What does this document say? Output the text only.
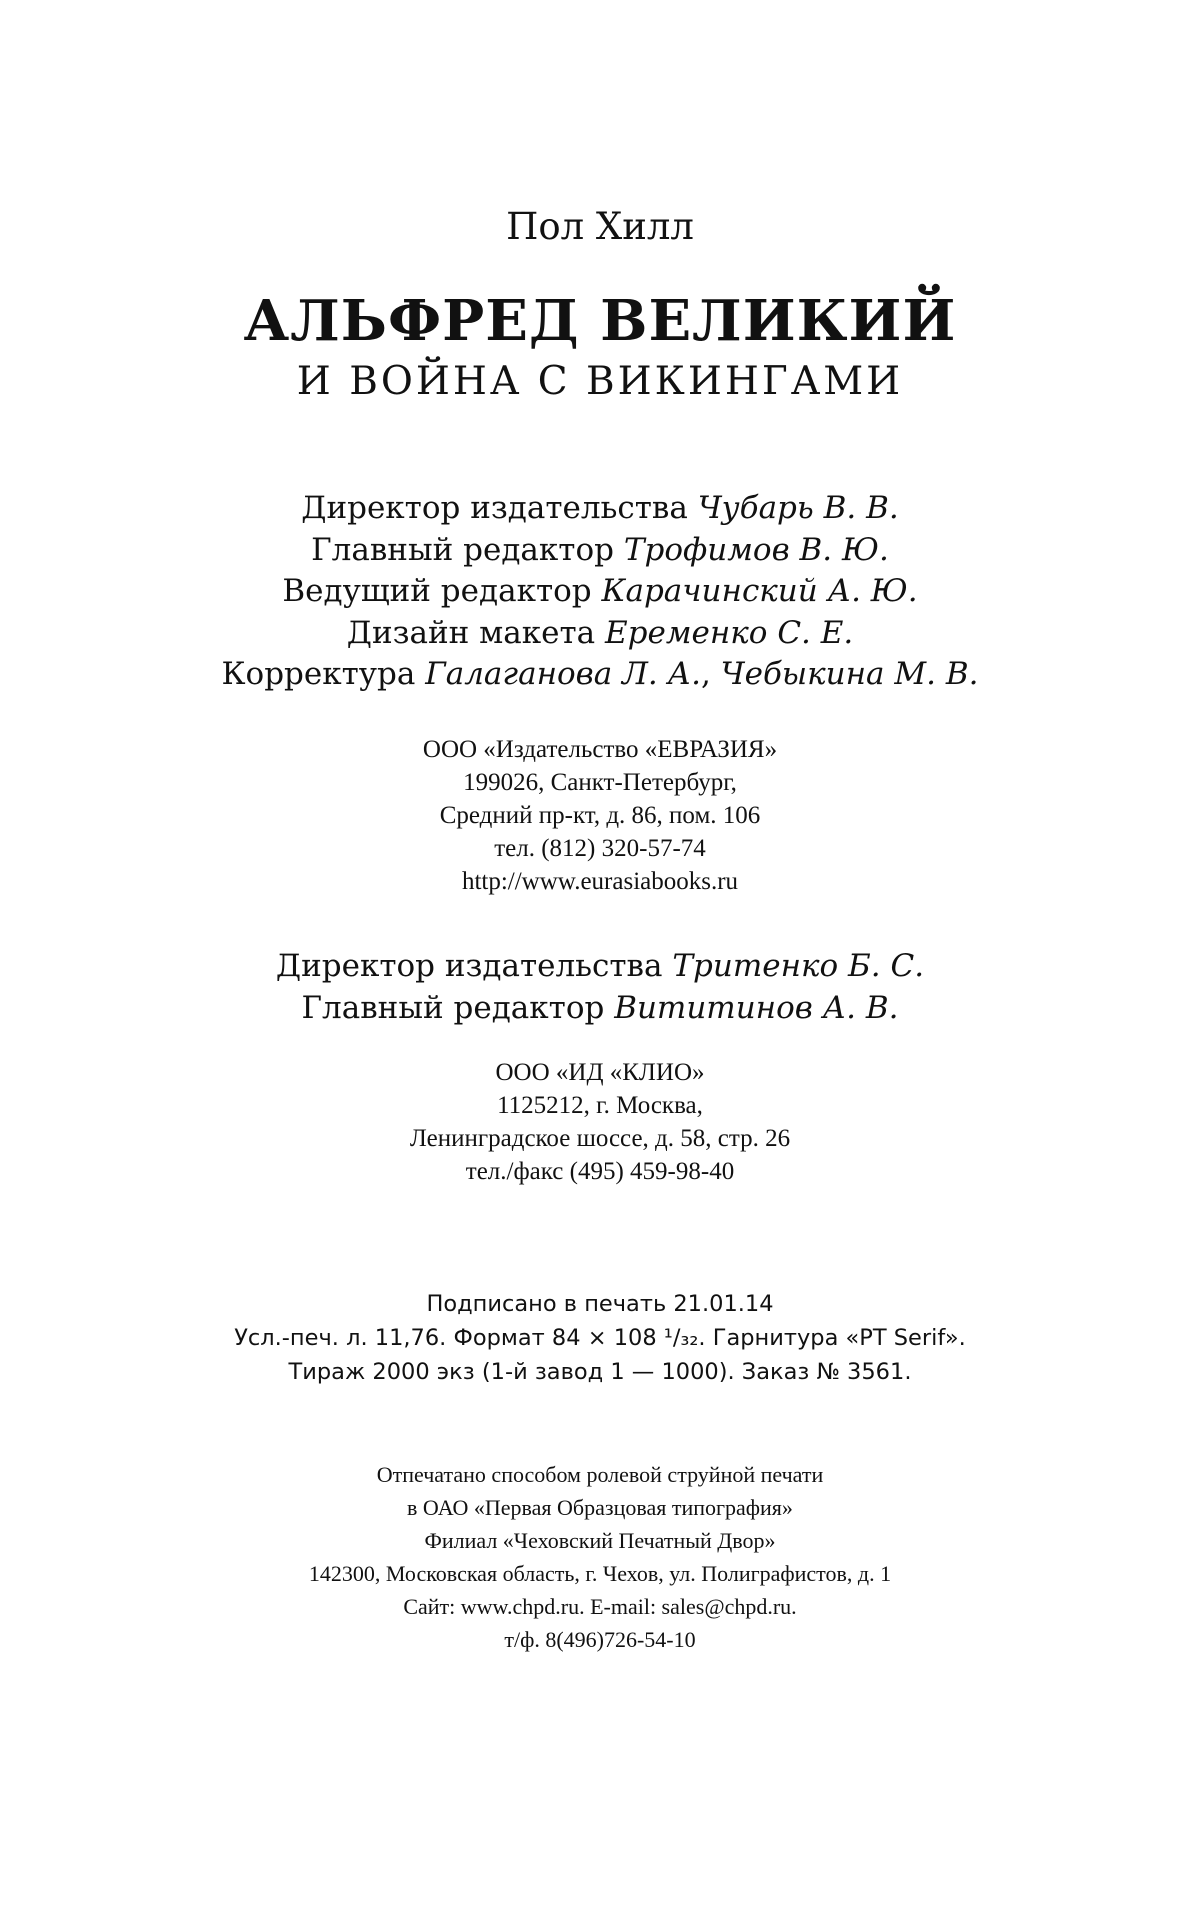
Пол Хилл
АЛЬФРЕД ВЕЛИКИЙ
И ВОЙНА С ВИКИНГАМИ
Директор издательства Чубарь В. В.
Главный редактор Трофимов В. Ю.
Ведущий редактор Карачинский А. Ю.
Дизайн макета Еременко С. Е.
Корректура Галаганова Л. А., Чебыкина М. В.
ООО «Издательство «ЕВРАЗИЯ»
199026, Санкт-Петербург,
Средний пр-кт, д. 86, пом. 106
тел. (812) 320-57-74
http://www.eurasiabooks.ru
Директор издательства Тритенко Б. С.
Главный редактор Вититинов А. В.
ООО «ИД «КЛИО»
1125212, г. Москва,
Ленинградское шоссе, д. 58, стр. 26
тел./факс (495) 459-98-40
Подписано в печать 21.01.14
Усл.-печ. л. 11,76. Формат 84 × 108 ¹/₃₂. Гарнитура «PT Serif».
Тираж 2000 экз (1-й завод 1 — 1000). Заказ № 3561.
Отпечатано способом ролевой струйной печати
в ОАО «Первая Образцовая типография»
Филиал «Чеховский Печатный Двор»
142300, Московская область, г. Чехов, ул. Полиграфистов, д. 1
Сайт: www.chpd.ru. E-mail: sales@chpd.ru.
т/ф. 8(496)726-54-10
